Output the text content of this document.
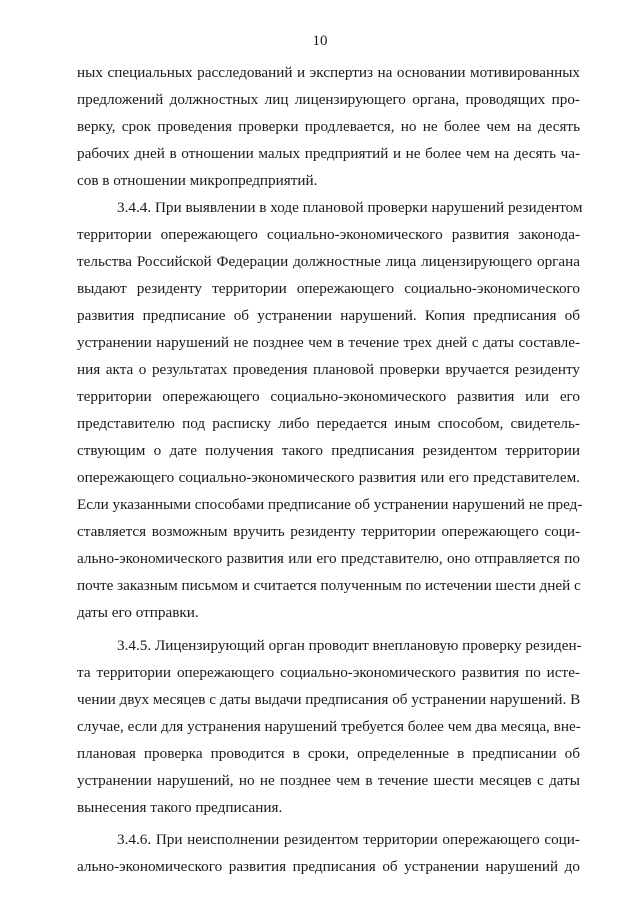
10
ных специальных расследований и экспертиз на основании мотивированных
предложений должностных лиц лицензирующего органа, проводящих про-
верку, срок проведения проверки продлевается, но не более чем на десять
рабочих дней в отношении малых предприятий и не более чем на десять ча-
сов в отношении микропредприятий.
3.4.4. При выявлении в ходе плановой проверки нарушений резидентом
территории опережающего социально-экономического развития законода-
тельства Российской Федерации должностные лица лицензирующего органа
выдают резиденту территории опережающего социально-экономического
развития предписание об устранении нарушений. Копия предписания об
устранении нарушений не позднее чем в течение трех дней с даты составле-
ния акта о результатах проведения плановой проверки вручается резиденту
территории опережающего социально-экономического развития или его
представителю под расписку либо передается иным способом, свидетель-
ствующим о дате получения такого предписания резидентом территории
опережающего социально-экономического развития или его представителем.
Если указанными способами предписание об устранении нарушений не пред-
ставляется возможным вручить резиденту территории опережающего соци-
ально-экономического развития или его представителю, оно отправляется по
почте заказным письмом и считается полученным по истечении шести дней с
даты его отправки.
3.4.5. Лицензирующий орган проводит внеплановую проверку резиден-
та территории опережающего социально-экономического развития по исте-
чении двух месяцев с даты выдачи предписания об устранении нарушений. В
случае, если для устранения нарушений требуется более чем два месяца, вне-
плановая проверка проводится в сроки, определенные в предписании об
устранении нарушений, но не позднее чем в течение шести месяцев с даты
вынесения такого предписания.
3.4.6. При неисполнении резидентом территории опережающего соци-
ально-экономического развития предписания об устранении нарушений до
